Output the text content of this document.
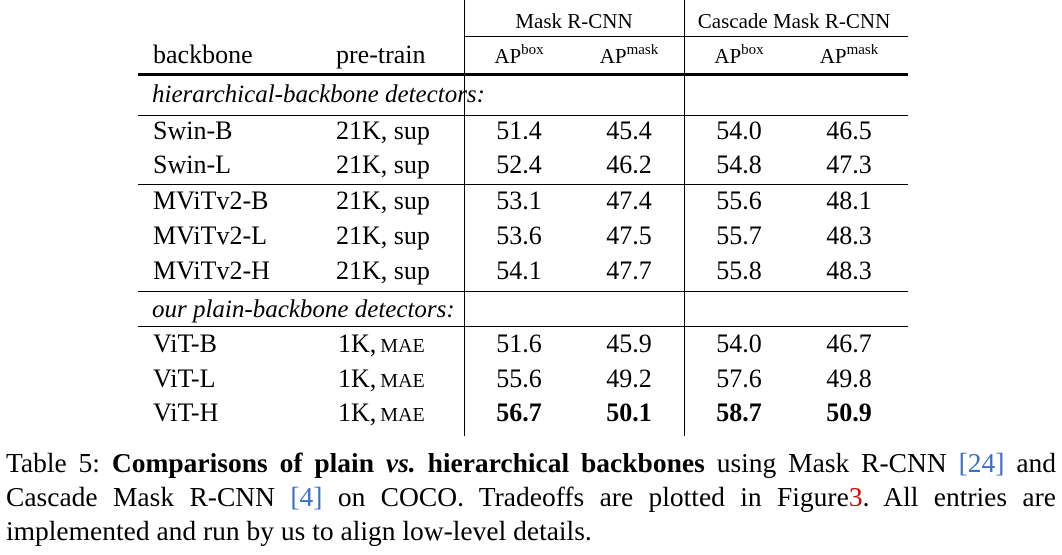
Mask R-CNN	Cascade Mask R-CNN
backbone	pre-train	$AP^{box}$	$AP^{mask}$	$AP^{box}$	$AP^{mask}$
hierarchical-backbone detectors:
Swin-B	21K, sup	51.4 45.4 54.0 46.5
Swin-L	21K, sup	52.4 46.2 54.8 47.3
MViTv2-B	21K, sup	53.1 47.4 55.6 48.1
MViTv2-L	21K, sup	53.6 47.5 55.7 48.3
MViTv2-H	21K, sup	54.1 47.7 55.8 48.3
our plain-backbone detectors:
ViT-B	1K, MAE	51.6 45.9 54.0 46.7
ViT-L	1K, MAE	55.6 49.2 57.6 49.8
ViT-H	1K, MAE	56.7 50.1 58.7 50.9
Table 5: Comparisons of plain vs. hierarchical backbones using Mask R-CNN [24] and Cascade Mask R-CNN [4] on COCO. Tradeoffs are plotted in Figure3. All entries are implemented and run by us to align low-level details.
